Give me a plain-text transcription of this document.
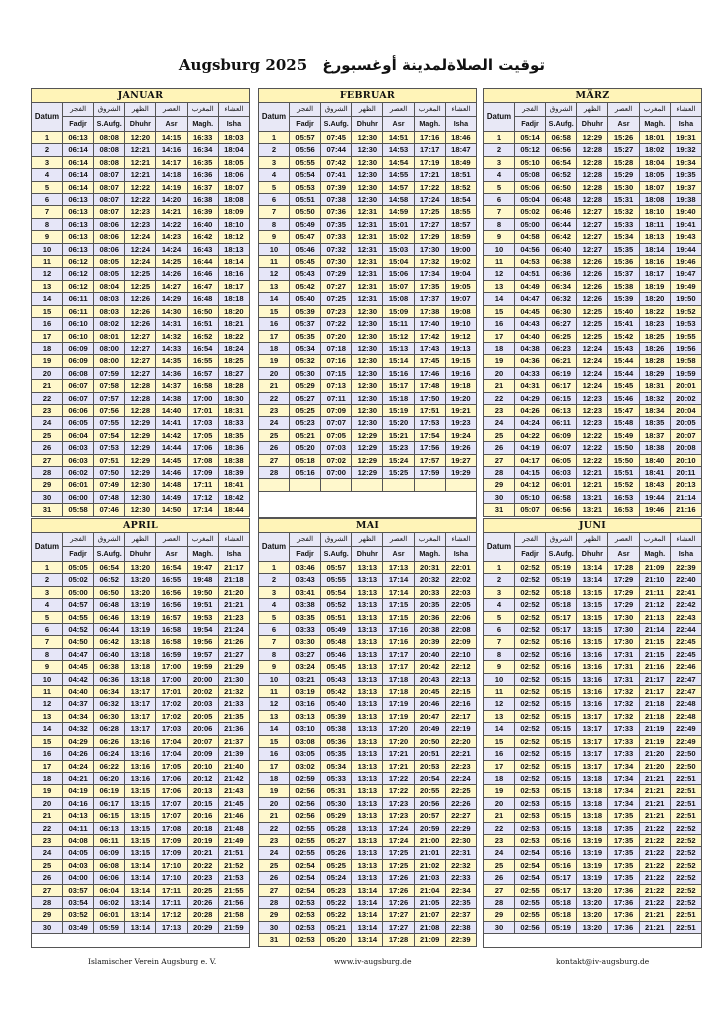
Augsburg 2025 توقيت الصلاةلمدينة أوغسبورغ
JANUAR						
Datum	الفجر	الشروق	الظهر	العصر	المغرب	العشاء
	Fadjr	S.Aufg.	Dhuhr	Asr	Magh.	Isha
1	06:13	08:08	12:20	14:15	16:33	18:03
2	06:14	08:08	12:21	14:16	16:34	18:04
3	06:14	08:08	12:21	14:17	16:35	18:05
4	06:14	08:07	12:21	14:18	16:36	18:06
5	06:14	08:07	12:22	14:19	16:37	18:07
6	06:13	08:07	12:22	14:20	16:38	18:08
7	06:13	08:07	12:23	14:21	16:39	18:09
8	06:13	08:06	12:23	14:22	16:40	18:10
9	06:13	08:06	12:24	14:23	16:42	18:12
10	06:13	08:06	12:24	14:24	16:43	18:13
11	06:12	08:05	12:24	14:25	16:44	18:14
12	06:12	08:05	12:25	14:26	16:46	18:16
13	06:12	08:04	12:25	14:27	16:47	18:17
14	06:11	08:03	12:26	14:29	16:48	18:18
15	06:11	08:03	12:26	14:30	16:50	18:20
16	06:10	08:02	12:26	14:31	16:51	18:21
17	06:10	08:01	12:27	14:32	16:52	18:22
18	06:09	08:00	12:27	14:33	16:54	18:24
19	06:09	08:00	12:27	14:35	16:55	18:25
20	06:08	07:59	12:27	14:36	16:57	18:27
21	06:07	07:58	12:28	14:37	16:58	18:28
22	06:07	07:57	12:28	14:38	17:00	18:30
23	06:06	07:56	12:28	14:40	17:01	18:31
24	06:05	07:55	12:29	14:41	17:03	18:33
25	06:04	07:54	12:29	14:42	17:05	18:35
26	06:03	07:53	12:29	14:44	17:06	18:36
27	06:03	07:51	12:29	14:45	17:08	18:38
28	06:02	07:50	12:29	14:46	17:09	18:39
29	06:01	07:49	12:30	14:48	17:11	18:41
30	06:00	07:48	12:30	14:49	17:12	18:42
31	05:58	07:46	12:30	14:50	17:14	18:44
FEBRUAR						
Datum	الفجر	الشروق	الظهر	العصر	المغرب	العشاء
	Fadjr	S.Aufg.	Dhuhr	Asr	Magh.	Isha
1	05:57	07:45	12:30	14:51	17:16	18:46
2	05:56	07:44	12:30	14:53	17:17	18:47
3	05:55	07:42	12:30	14:54	17:19	18:49
4	05:54	07:41	12:30	14:55	17:21	18:51
5	05:53	07:39	12:30	14:57	17:22	18:52
6	05:51	07:38	12:30	14:58	17:24	18:54
7	05:50	07:36	12:31	14:59	17:25	18:55
8	05:49	07:35	12:31	15:01	17:27	18:57
9	05:47	07:33	12:31	15:02	17:29	18:59
10	05:46	07:32	12:31	15:03	17:30	19:00
11	05:45	07:30	12:31	15:04	17:32	19:02
12	05:43	07:29	12:31	15:06	17:34	19:04
13	05:42	07:27	12:31	15:07	17:35	19:05
14	05:40	07:25	12:31	15:08	17:37	19:07
15	05:39	07:23	12:30	15:09	17:38	19:08
16	05:37	07:22	12:30	15:11	17:40	19:10
17	05:35	07:20	12:30	15:12	17:42	19:12
18	05:34	07:18	12:30	15:13	17:43	19:13
19	05:32	07:16	12:30	15:14	17:45	19:15
20	05:30	07:15	12:30	15:16	17:46	19:16
21	05:29	07:13	12:30	15:17	17:48	19:18
22	05:27	07:11	12:30	15:18	17:50	19:20
23	05:25	07:09	12:30	15:19	17:51	19:21
24	05:23	07:07	12:30	15:20	17:53	19:23
25	05:21	07:05	12:29	15:21	17:54	19:24
26	05:20	07:03	12:29	15:23	17:56	19:26
27	05:18	07:02	12:29	15:24	17:57	19:27
28	05:16	07:00	12:29	15:25	17:59	19:29

MÄRZ						
Datum	الفجر	الشروق	الظهر	العصر	المغرب	العشاء
	Fadjr	S.Aufg.	Dhuhr	Asr	Magh.	Isha
1	05:14	06:58	12:29	15:26	18:01	19:31
2	05:12	06:56	12:28	15:27	18:02	19:32
3	05:10	06:54	12:28	15:28	18:04	19:34
4	05:08	06:52	12:28	15:29	18:05	19:35
5	05:06	06:50	12:28	15:30	18:07	19:37
6	05:04	06:48	12:28	15:31	18:08	19:38
7	05:02	06:46	12:27	15:32	18:10	19:40
8	05:00	06:44	12:27	15:33	18:11	19:41
9	04:58	06:42	12:27	15:34	18:13	19:43
10	04:56	06:40	12:27	15:35	18:14	19:44
11	04:53	06:38	12:26	15:36	18:16	19:46
12	04:51	06:36	12:26	15:37	18:17	19:47
13	04:49	06:34	12:26	15:38	18:19	19:49
14	04:47	06:32	12:26	15:39	18:20	19:50
15	04:45	06:30	12:25	15:40	18:22	19:52
16	04:43	06:27	12:25	15:41	18:23	19:53
17	04:40	06:25	12:25	15:42	18:25	19:55
18	04:38	06:23	12:24	15:43	18:26	19:56
19	04:36	06:21	12:24	15:44	18:28	19:58
20	04:33	06:19	12:24	15:44	18:29	19:59
21	04:31	06:17	12:24	15:45	18:31	20:01
22	04:29	06:15	12:23	15:46	18:32	20:02
23	04:26	06:13	12:23	15:47	18:34	20:04
24	04:24	06:11	12:23	15:48	18:35	20:05
25	04:22	06:09	12:22	15:49	18:37	20:07
26	04:19	06:07	12:22	15:50	18:38	20:08
27	04:17	06:05	12:22	15:50	18:40	20:10
28	04:15	06:03	12:21	15:51	18:41	20:11
29	04:12	06:01	12:21	15:52	18:43	20:13
30	05:10	06:58	13:21	16:53	19:44	21:14
31	05:07	06:56	13:21	16:53	19:46	21:16
APRIL						
Datum	الفجر	الشروق	الظهر	العصر	المغرب	العشاء
	Fadjr	S.Aufg.	Dhuhr	Asr	Magh.	Isha
1	05:05	06:54	13:20	16:54	19:47	21:17
2	05:02	06:52	13:20	16:55	19:48	21:18
3	05:00	06:50	13:20	16:56	19:50	21:20
4	04:57	06:48	13:19	16:56	19:51	21:21
5	04:55	06:46	13:19	16:57	19:53	21:23
6	04:52	06:44	13:19	16:58	19:54	21:24
7	04:50	06:42	13:18	16:58	19:56	21:26
8	04:47	06:40	13:18	16:59	19:57	21:27
9	04:45	06:38	13:18	17:00	19:59	21:29
10	04:42	06:36	13:18	17:00	20:00	21:30
11	04:40	06:34	13:17	17:01	20:02	21:32
12	04:37	06:32	13:17	17:02	20:03	21:33
13	04:34	06:30	13:17	17:02	20:05	21:35
14	04:32	06:28	13:17	17:03	20:06	21:36
15	04:29	06:26	13:16	17:04	20:07	21:37
16	04:26	06:24	13:16	17:04	20:09	21:39
17	04:24	06:22	13:16	17:05	20:10	21:40
18	04:21	06:20	13:16	17:06	20:12	21:42
19	04:19	06:19	13:15	17:06	20:13	21:43
20	04:16	06:17	13:15	17:07	20:15	21:45
21	04:13	06:15	13:15	17:07	20:16	21:46
22	04:11	06:13	13:15	17:08	20:18	21:48
23	04:08	06:11	13:15	17:09	20:19	21:49
24	04:05	06:09	13:15	17:09	20:21	21:51
25	04:03	06:08	13:14	17:10	20:22	21:52
26	04:00	06:06	13:14	17:10	20:23	21:53
27	03:57	06:04	13:14	17:11	20:25	21:55
28	03:54	06:02	13:14	17:11	20:26	21:56
29	03:52	06:01	13:14	17:12	20:28	21:58
30	03:49	05:59	13:14	17:13	20:29	21:59

MAI						
Datum	الفجر	الشروق	الظهر	العصر	المغرب	العشاء
	Fadjr	S.Aufg.	Dhuhr	Asr	Magh.	Isha
1	03:46	05:57	13:13	17:13	20:31	22:01
2	03:43	05:55	13:13	17:14	20:32	22:02
3	03:41	05:54	13:13	17:14	20:33	22:03
4	03:38	05:52	13:13	17:15	20:35	22:05
5	03:35	05:51	13:13	17:15	20:36	22:06
6	03:33	05:49	13:13	17:16	20:38	22:08
7	03:30	05:48	13:13	17:16	20:39	22:09
8	03:27	05:46	13:13	17:17	20:40	22:10
9	03:24	05:45	13:13	17:17	20:42	22:12
10	03:21	05:43	13:13	17:18	20:43	22:13
11	03:19	05:42	13:13	17:18	20:45	22:15
12	03:16	05:40	13:13	17:19	20:46	22:16
13	03:13	05:39	13:13	17:19	20:47	22:17
14	03:10	05:38	13:13	17:20	20:49	22:19
15	03:08	05:36	13:13	17:20	20:50	22:20
16	03:05	05:35	13:13	17:21	20:51	22:21
17	03:02	05:34	13:13	17:21	20:53	22:23
18	02:59	05:33	13:13	17:22	20:54	22:24
19	02:56	05:31	13:13	17:22	20:55	22:25
20	02:56	05:30	13:13	17:23	20:56	22:26
21	02:56	05:29	13:13	17:23	20:57	22:27
22	02:55	05:28	13:13	17:24	20:59	22:29
23	02:55	05:27	13:13	17:24	21:00	22:30
24	02:55	05:26	13:13	17:25	21:01	22:31
25	02:54	05:25	13:13	17:25	21:02	22:32
26	02:54	05:24	13:13	17:26	21:03	22:33
27	02:54	05:23	13:14	17:26	21:04	22:34
28	02:53	05:22	13:14	17:26	21:05	22:35
29	02:53	05:22	13:14	17:27	21:07	22:37
30	02:53	05:21	13:14	17:27	21:08	22:38
31	02:53	05:20	13:14	17:28	21:09	22:39
JUNI						
Datum	الفجر	الشروق	الظهر	العصر	المغرب	العشاء
	Fadjr	S.Aufg.	Dhuhr	Asr	Magh.	Isha
1	02:52	05:19	13:14	17:28	21:09	22:39
2	02:52	05:19	13:14	17:29	21:10	22:40
3	02:52	05:18	13:15	17:29	21:11	22:41
4	02:52	05:18	13:15	17:29	21:12	22:42
5	02:52	05:17	13:15	17:30	21:13	22:43
6	02:52	05:17	13:15	17:30	21:14	22:44
7	02:52	05:16	13:15	17:30	21:15	22:45
8	02:52	05:16	13:16	17:31	21:15	22:45
9	02:52	05:16	13:16	17:31	21:16	22:46
10	02:52	05:15	13:16	17:31	21:17	22:47
11	02:52	05:15	13:16	17:32	21:17	22:47
12	02:52	05:15	13:16	17:32	21:18	22:48
13	02:52	05:15	13:17	17:32	21:18	22:48
14	02:52	05:15	13:17	17:33	21:19	22:49
15	02:52	05:15	13:17	17:33	21:19	22:49
16	02:52	05:15	13:17	17:33	21:20	22:50
17	02:52	05:15	13:17	17:34	21:20	22:50
18	02:52	05:15	13:18	17:34	21:21	22:51
19	02:53	05:15	13:18	17:34	21:21	22:51
20	02:53	05:15	13:18	17:34	21:21	22:51
21	02:53	05:15	13:18	17:35	21:21	22:51
22	02:53	05:15	13:18	17:35	21:22	22:52
23	02:53	05:16	13:19	17:35	21:22	22:52
24	02:54	05:16	13:19	17:35	21:22	22:52
25	02:54	05:16	13:19	17:35	21:22	22:52
26	02:54	05:17	13:19	17:35	21:22	22:52
27	02:55	05:17	13:20	17:36	21:22	22:52
28	02:55	05:18	13:20	17:36	21:22	22:52
29	02:55	05:18	13:20	17:36	21:21	22:51
30	02:56	05:19	13:20	17:36	21:21	22:51

Islamischer Verein Augsburg e. V.	www.iv-augsburg.de	kontakt@iv-augsburg.de
